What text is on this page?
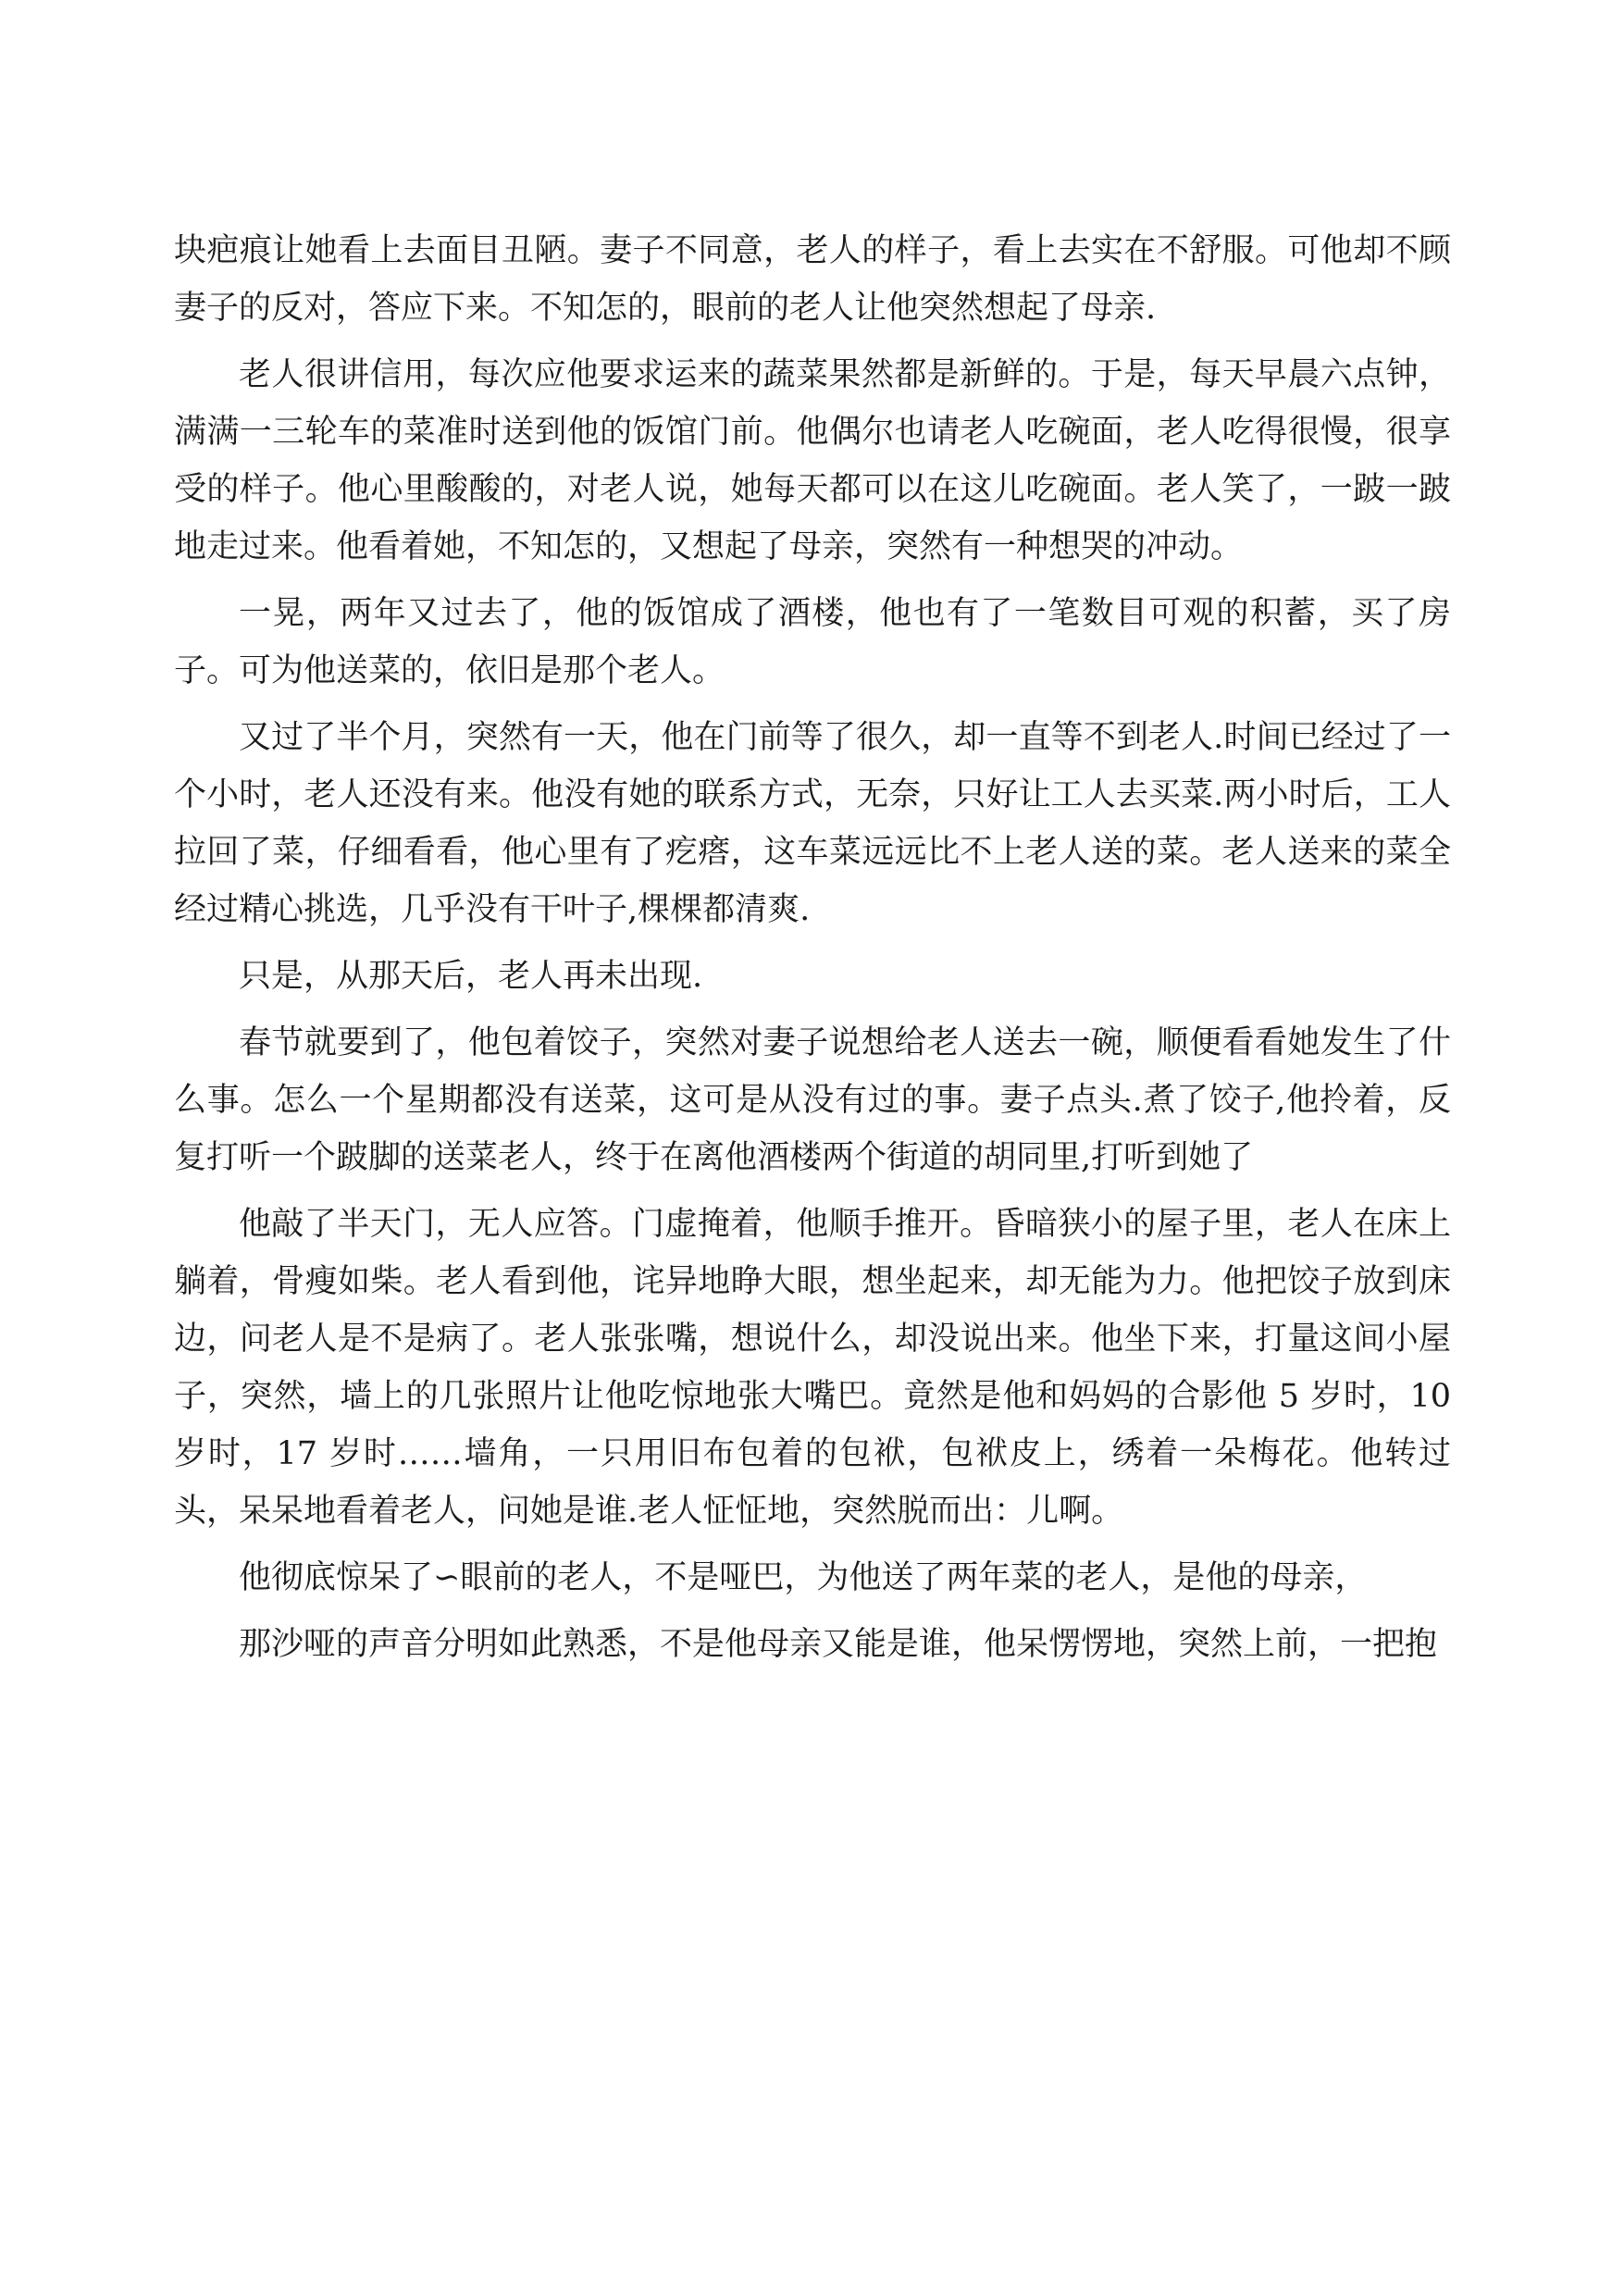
块疤痕让她看上去面目丑陋。妻子不同意，老人的样子，看上去实在不舒服。可他却不顾妻子的反对，答应下来。不知怎的，眼前的老人让他突然想起了母亲.

老人很讲信用，每次应他要求运来的蔬菜果然都是新鲜的。于是，每天早晨六点钟，满满一三轮车的菜准时送到他的饭馆门前。他偶尔也请老人吃碗面，老人吃得很慢，很享受的样子。他心里酸酸的，对老人说，她每天都可以在这儿吃碗面。老人笑了，一跛一跛地走过来。他看着她，不知怎的，又想起了母亲，突然有一种想哭的冲动。

一晃，两年又过去了，他的饭馆成了酒楼，他也有了一笔数目可观的积蓄，买了房子。可为他送菜的，依旧是那个老人。

又过了半个月，突然有一天，他在门前等了很久，却一直等不到老人.时间已经过了一个小时，老人还没有来。他没有她的联系方式，无奈，只好让工人去买菜.两小时后，工人拉回了菜，仔细看看，他心里有了疙瘩，这车菜远远比不上老人送的菜。老人送来的菜全经过精心挑选，几乎没有干叶子,棵棵都清爽.

只是，从那天后，老人再未出现.

春节就要到了，他包着饺子，突然对妻子说想给老人送去一碗，顺便看看她发生了什么事。怎么一个星期都没有送菜，这可是从没有过的事。妻子点头.煮了饺子,他拎着，反复打听一个跛脚的送菜老人，终于在离他酒楼两个街道的胡同里,打听到她了

他敲了半天门，无人应答。门虚掩着，他顺手推开。昏暗狭小的屋子里，老人在床上躺着，骨瘦如柴。老人看到他，诧异地睁大眼，想坐起来，却无能为力。他把饺子放到床边，问老人是不是病了。老人张张嘴，想说什么，却没说出来。他坐下来，打量这间小屋子，突然，墙上的几张照片让他吃惊地张大嘴巴。竟然是他和妈妈的合影他 5 岁时，10 岁时，17 岁时……墙角，一只用旧布包着的包袱，包袱皮上，绣着一朵梅花。他转过头，呆呆地看着老人，问她是谁.老人怔怔地，突然脱而出：儿啊。

他彻底惊呆了∽眼前的老人，不是哑巴，为他送了两年菜的老人，是他的母亲，

那沙哑的声音分明如此熟悉，不是他母亲又能是谁，他呆愣愣地，突然上前，一把抱
